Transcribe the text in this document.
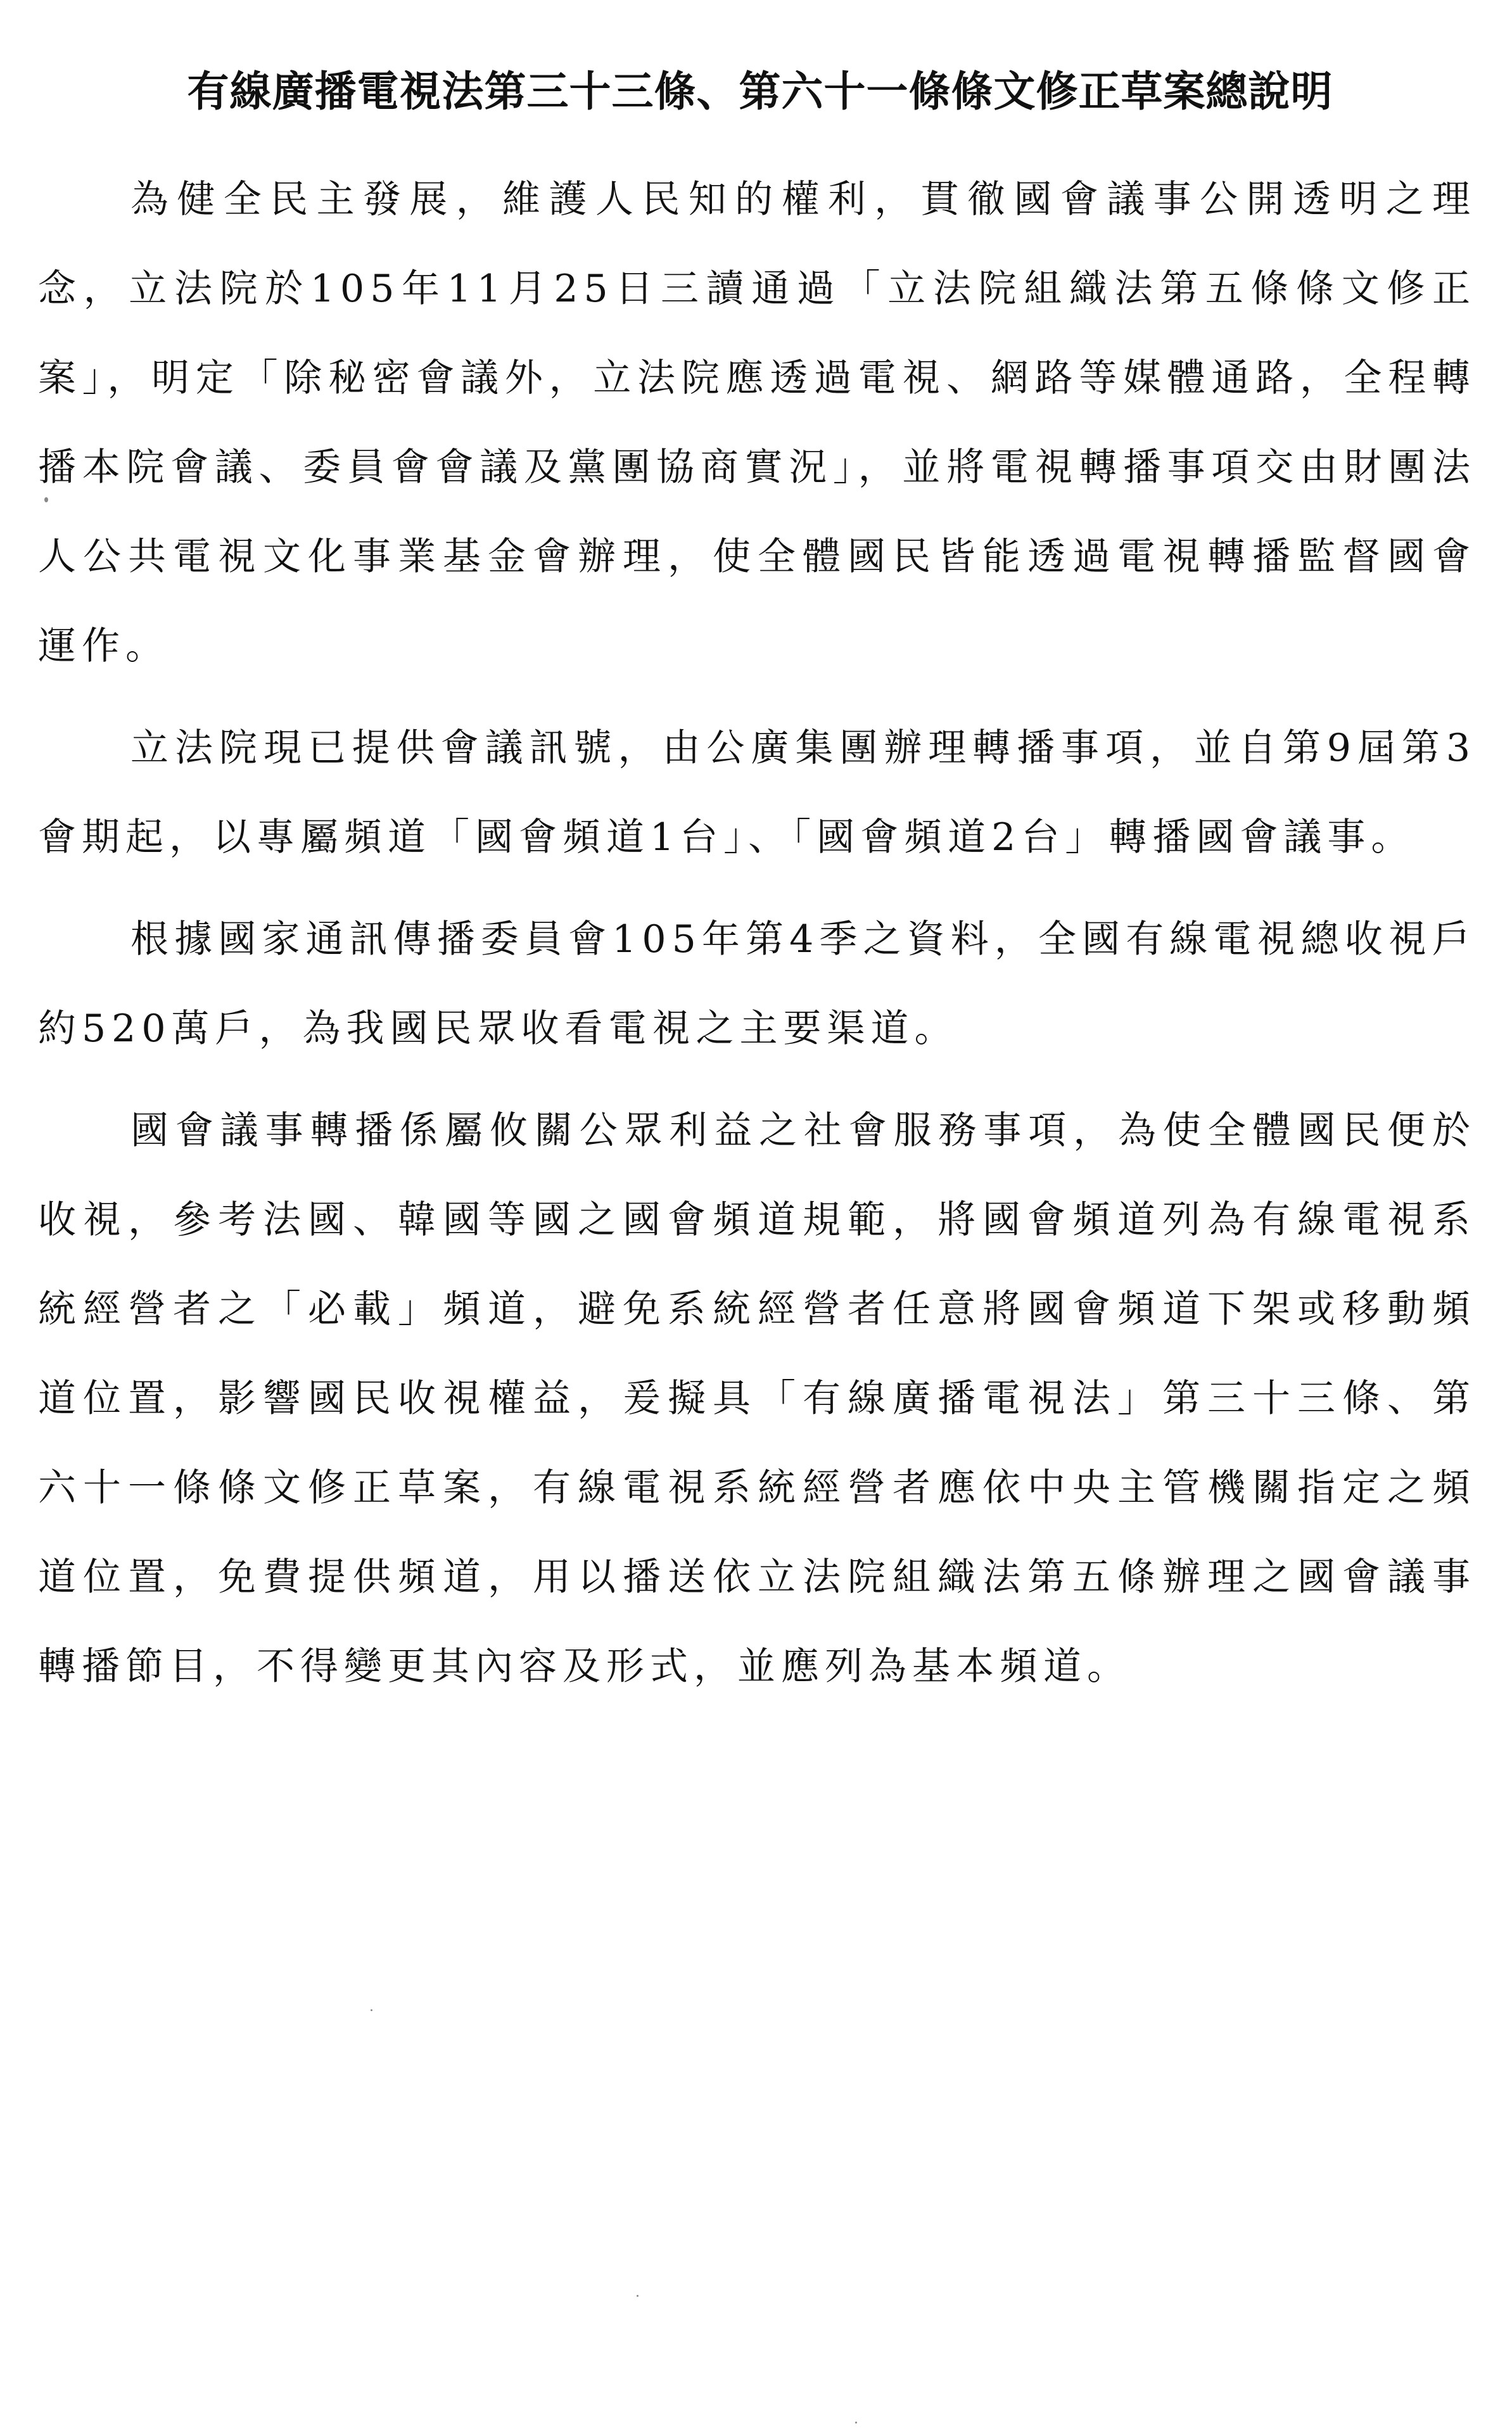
有線廣播電視法第三十三條、第六十一條條文修正草案總說明

為健全民主發展，維護人民知的權利，貫徹國會議事公開透明之理念，立法院於105年11月25日三讀通過「立法院組織法第五條條文修正案」，明定「除秘密會議外，立法院應透過電視、網路等媒體通路，全程轉播本院會議、委員會會議及黨團協商實況」，並將電視轉播事項交由財團法人公共電視文化事業基金會辦理，使全體國民皆能透過電視轉播監督國會運作。

立法院現已提供會議訊號，由公廣集團辦理轉播事項，並自第9屆第3會期起，以專屬頻道「國會頻道1台」、「國會頻道2台」轉播國會議事。

根據國家通訊傳播委員會105年第4季之資料，全國有線電視總收視戶約520萬戶，為我國民眾收看電視之主要渠道。

國會議事轉播係屬攸關公眾利益之社會服務事項，為使全體國民便於收視，參考法國、韓國等國之國會頻道規範，將國會頻道列為有線電視系統經營者之「必載」頻道，避免系統經營者任意將國會頻道下架或移動頻道位置，影響國民收視權益，爰擬具「有線廣播電視法」第三十三條、第六十一條條文修正草案，有線電視系統經營者應依中央主管機關指定之頻道位置，免費提供頻道，用以播送依立法院組織法第五條辦理之國會議事轉播節目，不得變更其內容及形式，並應列為基本頻道。
